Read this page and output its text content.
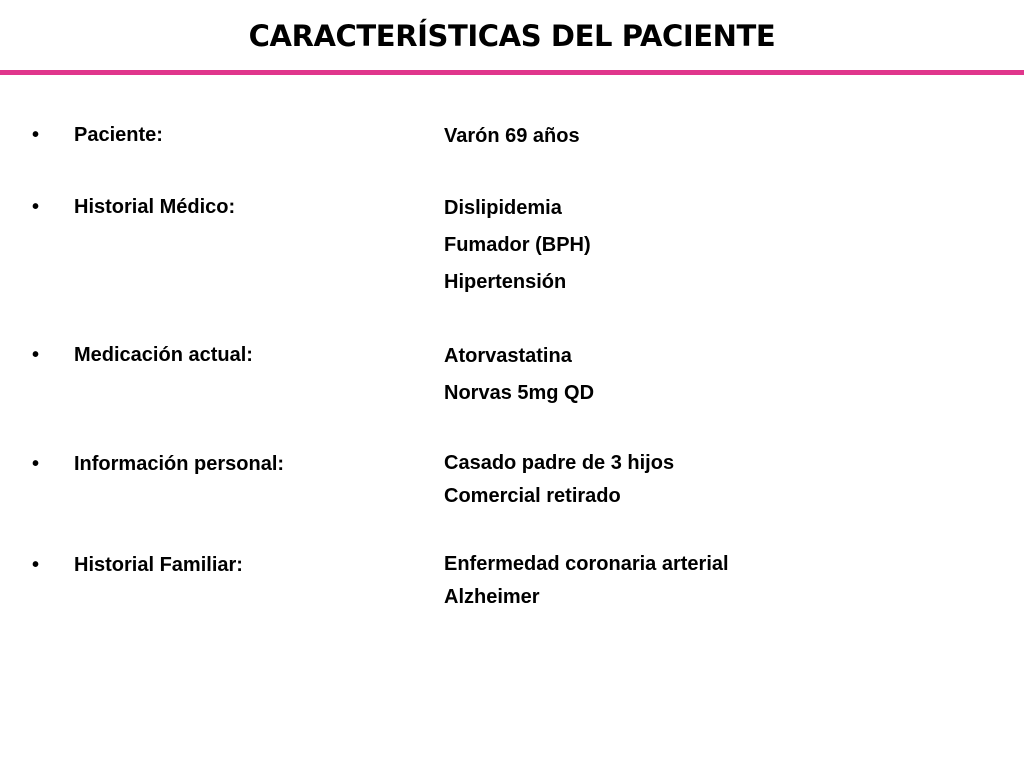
CARACTERÍSTICAS DEL PACIENTE
• Paciente:	Varón 69 años
• Historial Médico:	Dislipidemia
Fumador (BPH)
Hipertensión
• Medicación actual:	Atorvastatina
Norvas 5mg QD
• Información personal:	Casado padre de 3 hijos
Comercial retirado
• Historial Familiar:	Enfermedad coronaria arterial
Alzheimer
